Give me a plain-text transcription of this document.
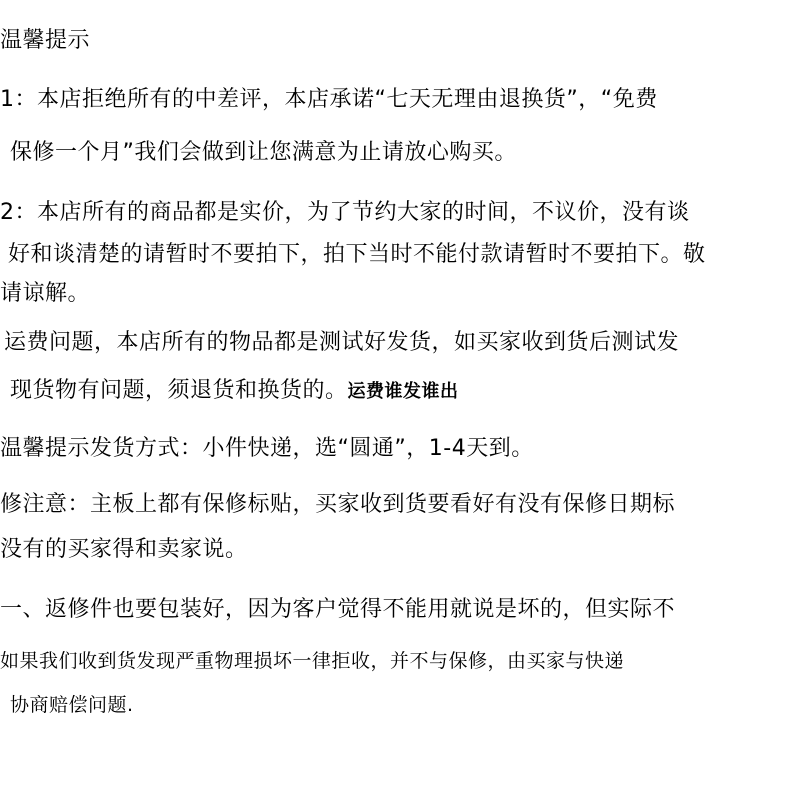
温馨提示
1：本店拒绝所有的中差评，本店承诺“七天无理由退换货”，“免费
保修一个月”我们会做到让您满意为止请放心购买。
2：本店所有的商品都是实价，为了节约大家的时间，不议价，没有谈
好和谈清楚的请暂时不要拍下，拍下当时不能付款请暂时不要拍下。敬
请谅解。
运费问题，本店所有的物品都是测试好发货，如买家收到货后测试发
现货物有问题，须退货和换货的。运费谁发谁出
温馨提示发货方式：小件快递，选“圆通”，1-4天到。
修注意：主板上都有保修标贴，买家收到货要看好有没有保修日期标
没有的买家得和卖家说。
一、返修件也要包装好，因为客户觉得不能用就说是坏的，但实际不
如果我们收到货发现严重物理损坏一律拒收，并不与保修，由买家与快递
协商赔偿问题.
